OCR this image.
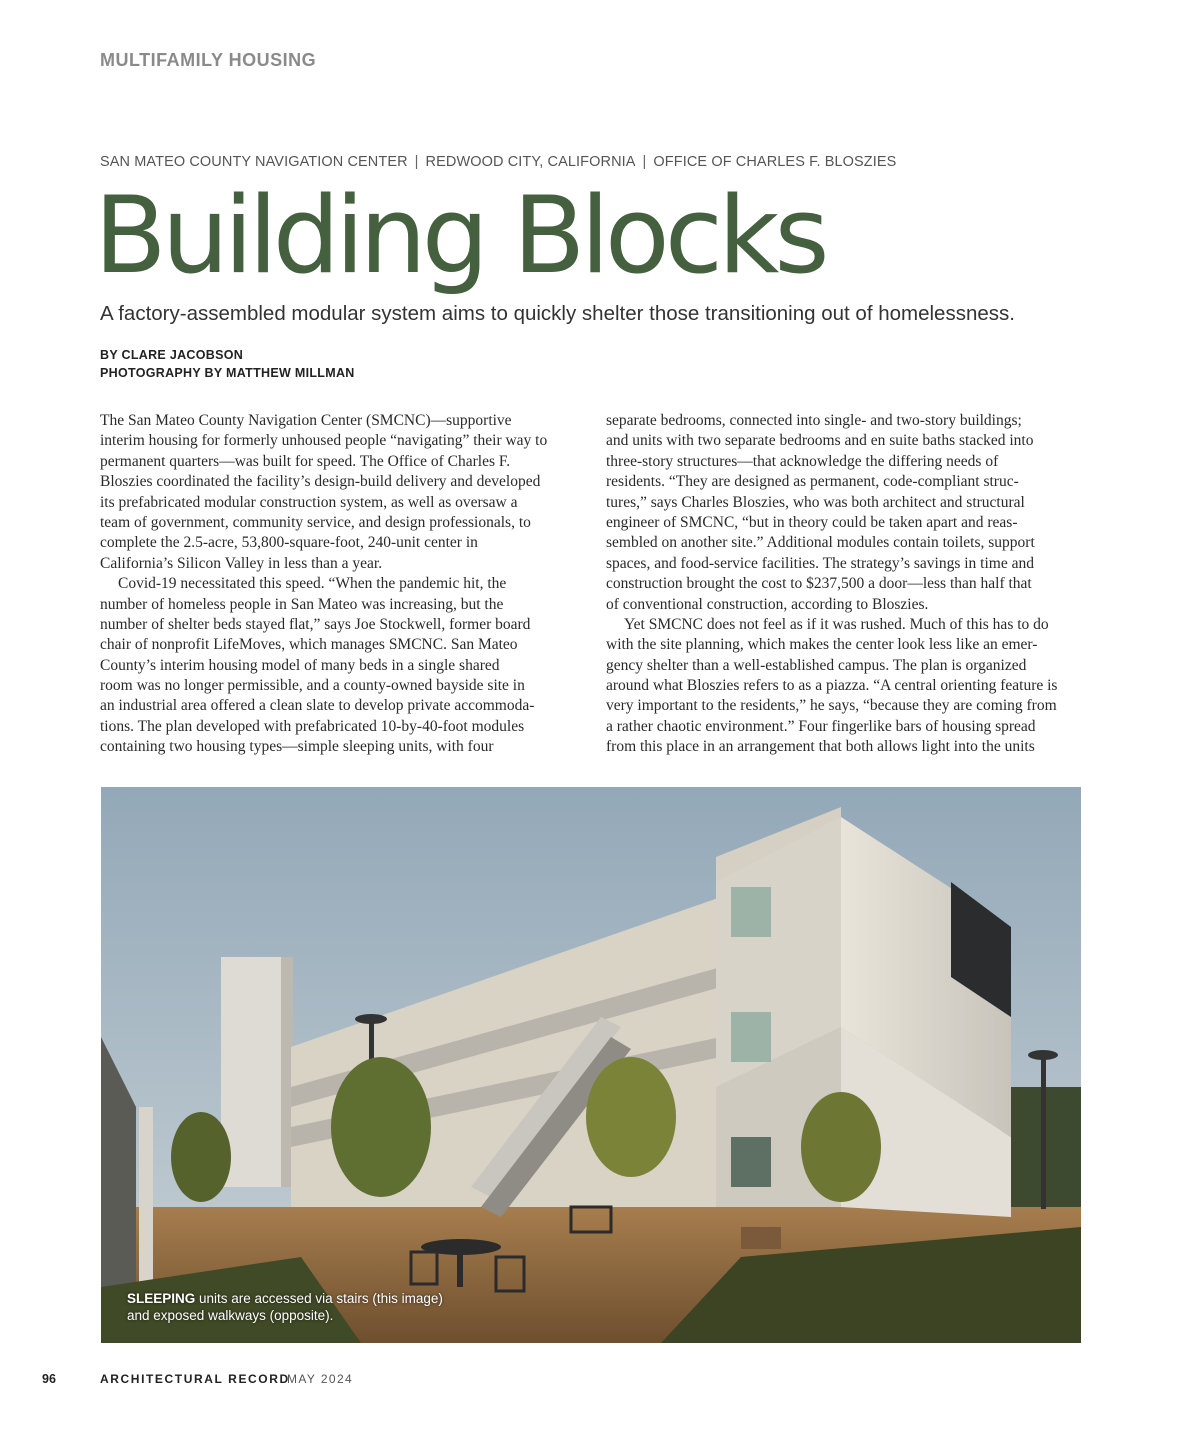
MULTIFAMILY HOUSING
SAN MATEO COUNTY NAVIGATION CENTER | REDWOOD CITY, CALIFORNIA | OFFICE OF CHARLES F. BLOSZIES
Building Blocks
A factory-assembled modular system aims to quickly shelter those transitioning out of homelessness.
BY CLARE JACOBSON
PHOTOGRAPHY BY MATTHEW MILLMAN
The San Mateo County Navigation Center (SMCNC)—supportive
interim housing for formerly unhoused people “navigating” their way to
permanent quarters—was built for speed. The Office of Charles F.
Bloszies coordinated the facility’s design-build delivery and developed
its prefabricated modular construction system, as well as oversaw a
team of government, community service, and design professionals, to
complete the 2.5-acre, 53,800-square-foot, 240-unit center in
California’s Silicon Valley in less than a year.
Covid-19 necessitated this speed. “When the pandemic hit, the
number of homeless people in San Mateo was increasing, but the
number of shelter beds stayed flat,” says Joe Stockwell, former board
chair of nonprofit LifeMoves, which manages SMCNC. San Mateo
County’s interim housing model of many beds in a single shared
room was no longer permissible, and a county-owned bayside site in
an industrial area offered a clean slate to develop private accommoda-
tions. The plan developed with prefabricated 10-by-40-foot modules
containing two housing types—simple sleeping units, with four
separate bedrooms, connected into single- and two-story buildings;
and units with two separate bedrooms and en suite baths stacked into
three-story structures—that acknowledge the differing needs of
residents. “They are designed as permanent, code-compliant struc-
tures,” says Charles Bloszies, who was both architect and structural
engineer of SMCNC, “but in theory could be taken apart and reas-
sembled on another site.” Additional modules contain toilets, support
spaces, and food-service facilities. The strategy’s savings in time and
construction brought the cost to $237,500 a door—less than half that
of conventional construction, according to Bloszies.
Yet SMCNC does not feel as if it was rushed. Much of this has to do
with the site planning, which makes the center look less like an emer-
gency shelter than a well-established campus. The plan is organized
around what Bloszies refers to as a piazza. “A central orienting feature is
very important to the residents,” he says, “because they are coming from
a rather chaotic environment.” Four fingerlike bars of housing spread
from this place in an arrangement that both allows light into the units
SLEEPING units are accessed via stairs (this image)
and exposed walkways (opposite).
96	ARCHITECTURAL RECORD
MAY 2024
